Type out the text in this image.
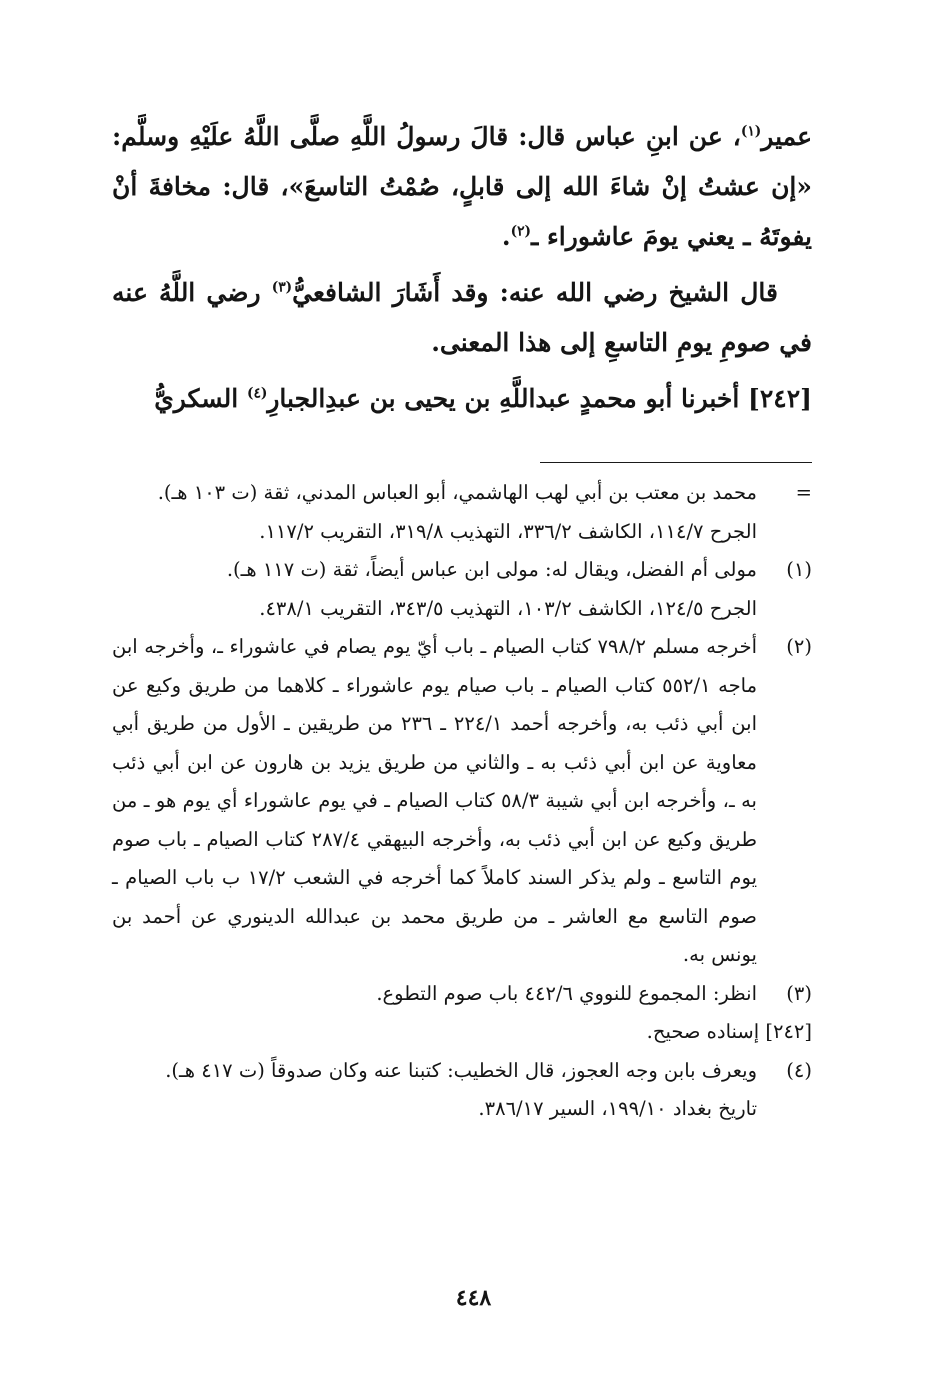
عمير$^{(١)}$، عن ابنِ عباس قال: قالَ رسولُ اللَّهِ صلَّى اللَّهُ علَيْهِ وسلَّم: «إن عشتُ إنْ شاءَ الله إلى قابلٍ، صُمْتُ التاسعَ»، قال: مخافةَ أنْ يفوتَهُ ـ يعني يومَ عاشوراء ـ$^{(٢)}$.

قال الشيخ رضي الله عنه: وقد أَشَارَ الشافعيُّ$^{(٣)}$ رضي اللَّهُ عنه في صومِ يومِ التاسعِ إلى هذا المعنى.

[٢٤٢] أخبرنا أبو محمدٍ عبداللَّهِ بن يحيى بن عبدِالجبارِ$^{(٤)}$ السكريُّ

=
محمد بن معتب بن أبي لهب الهاشمي، أبو العباس المدني، ثقة (ت ١٠٣ هـ).
الجرح ١١٤/٧، الكاشف ٣٣٦/٢، التهذيب ٣١٩/٨، التقريب ١١٧/٢.
(١)
مولى أم الفضل، ويقال له: مولى ابن عباس أيضاً، ثقة (ت ١١٧ هـ).
الجرح ١٢٤/٥، الكاشف ١٠٣/٢، التهذيب ٣٤٣/٥، التقريب ٤٣٨/١.
(٢)
أخرجه مسلم ٧٩٨/٢ كتاب الصيام ـ باب أيّ يوم يصام في عاشوراء ـ، وأخرجه ابن ماجه ٥٥٢/١ كتاب الصيام ـ باب صيام يوم عاشوراء ـ كلاهما من طريق وكيع عن ابن أبي ذئب به، وأخرجه أحمد ٢٢٤/١ ـ ٢٣٦ من طريقين ـ الأول من طريق أبي معاوية عن ابن أبي ذئب به ـ والثاني من طريق يزيد بن هارون عن ابن أبي ذئب به ـ، وأخرجه ابن أبي شيبة ٥٨/٣ كتاب الصيام ـ في يوم عاشوراء أي يوم هو ـ من طريق وكيع عن ابن أبي ذئب به، وأخرجه البيهقي ٢٨٧/٤ كتاب الصيام ـ باب صوم يوم التاسع ـ ولم يذكر السند كاملاً كما أخرجه في الشعب ١٧/٢ ب باب الصيام ـ صوم التاسع مع العاشر ـ من طريق محمد بن عبدالله الدينوري عن أحمد بن يونس به.
(٣)
انظر: المجموع للنووي ٤٤٢/٦ باب صوم التطوع.
[٢٤٢] إسناده صحيح.
(٤)
ويعرف بابن وجه العجوز، قال الخطيب: كتبنا عنه وكان صدوقاً (ت ٤١٧ هـ).
تاريخ بغداد ١٩٩/١٠، السير ٣٨٦/١٧.
٤٤٨
